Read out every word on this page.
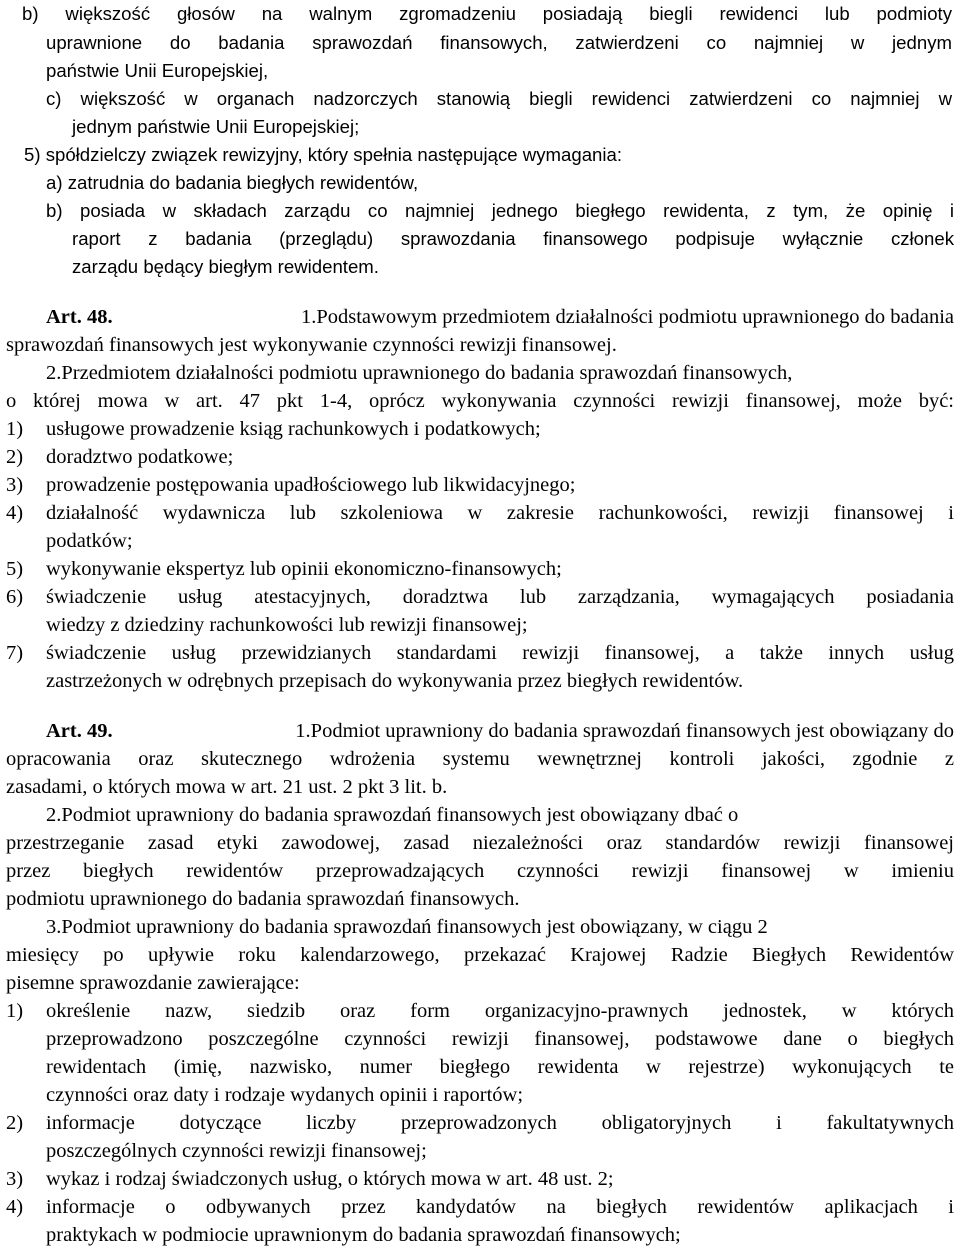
b) większość głosów na walnym zgromadzeniu posiadają biegli rewidenci lub podmioty
uprawnione do badania sprawozdań finansowych, zatwierdzeni co najmniej w jednym
państwie Unii Europejskiej,
c) większość w organach nadzorczych stanowią biegli rewidenci zatwierdzeni co najmniej w
jednym państwie Unii Europejskiej;
5) spółdzielczy związek rewizyjny, który spełnia następujące wymagania:
a) zatrudnia do badania biegłych rewidentów,
b) posiada w składach zarządu co najmniej jednego biegłego rewidenta, z tym, że opinię i
raport z badania (przeglądu) sprawozdania finansowego podpisuje wyłącznie członek
zarządu będący biegłym rewidentem.
Art. 48.	1.Podstawowym przedmiotem działalności podmiotu uprawnionego do badania
sprawozdań finansowych jest wykonywanie czynności rewizji finansowej.
2.Przedmiotem działalności podmiotu uprawnionego do badania sprawozdań finansowych,
o której mowa w art. 47 pkt 1-4, oprócz wykonywania czynności rewizji finansowej, może być:
1) usługowe prowadzenie ksiąg rachunkowych i podatkowych;
2) doradztwo podatkowe;
3) prowadzenie postępowania upadłościowego lub likwidacyjnego;
4) działalność wydawnicza lub szkoleniowa w zakresie rachunkowości, rewizji finansowej i
podatków;
5) wykonywanie ekspertyz lub opinii ekonomiczno-finansowych;
6) świadczenie usług atestacyjnych, doradztwa lub zarządzania, wymagających posiadania
wiedzy z dziedziny rachunkowości lub rewizji finansowej;
7) świadczenie usług przewidzianych standardami rewizji finansowej, a także innych usług
zastrzeżonych w odrębnych przepisach do wykonywania przez biegłych rewidentów.
Art. 49.	1.Podmiot uprawniony do badania sprawozdań finansowych jest obowiązany do
opracowania oraz skutecznego wdrożenia systemu wewnętrznej kontroli jakości, zgodnie z
zasadami, o których mowa w art. 21 ust. 2 pkt 3 lit. b.
2.Podmiot uprawniony do badania sprawozdań finansowych jest obowiązany dbać o
przestrzeganie zasad etyki zawodowej, zasad niezależności oraz standardów rewizji finansowej
przez biegłych rewidentów przeprowadzających czynności rewizji finansowej w imieniu
podmiotu uprawnionego do badania sprawozdań finansowych.
3.Podmiot uprawniony do badania sprawozdań finansowych jest obowiązany, w ciągu 2
miesięcy po upływie roku kalendarzowego, przekazać Krajowej Radzie Biegłych Rewidentów
pisemne sprawozdanie zawierające:
1) określenie nazw, siedzib oraz form organizacyjno-prawnych jednostek, w których
przeprowadzono poszczególne czynności rewizji finansowej, podstawowe dane o biegłych
rewidentach (imię, nazwisko, numer biegłego rewidenta w rejestrze) wykonujących te
czynności oraz daty i rodzaje wydanych opinii i raportów;
2) informacje dotyczące liczby przeprowadzonych obligatoryjnych i fakultatywnych
poszczególnych czynności rewizji finansowej;
3) wykaz i rodzaj świadczonych usług, o których mowa w art. 48 ust. 2;
4) informacje o odbywanych przez kandydatów na biegłych rewidentów aplikacjach i
praktykach w podmiocie uprawnionym do badania sprawozdań finansowych;
